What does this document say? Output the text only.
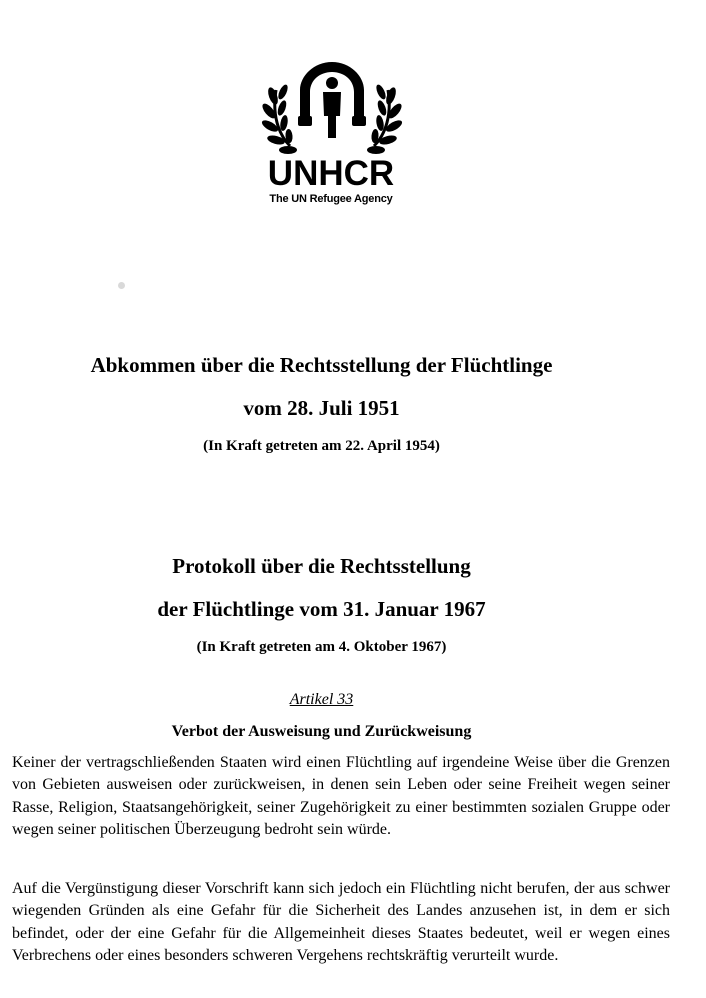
UNHCR
The UN Refugee Agency
Abkommen über die Rechtsstellung der Flüchtlinge
vom 28. Juli 1951
(In Kraft getreten am 22. April 1954)
Protokoll über die Rechtsstellung
der Flüchtlinge vom 31. Januar 1967
(In Kraft getreten am 4. Oktober 1967)
Artikel 33
Verbot der Ausweisung und Zurückweisung

Keiner der vertragschließenden Staaten wird einen Flüchtling auf irgendeine Weise über die Grenzen von Gebieten ausweisen oder zurückweisen, in denen sein Leben oder seine Freiheit wegen seiner Rasse, Religion, Staatsangehörigkeit, seiner Zugehörigkeit zu einer bestimmten sozialen Gruppe oder wegen seiner politischen Überzeugung bedroht sein würde.

Auf die Vergünstigung dieser Vorschrift kann sich jedoch ein Flüchtling nicht berufen, der aus schwer wiegenden Gründen als eine Gefahr für die Sicherheit des Landes anzusehen ist, in dem er sich befindet, oder der eine Gefahr für die Allgemeinheit dieses Staates bedeutet, weil er wegen eines Verbrechens oder eines besonders schweren Vergehens rechtskräftig verurteilt wurde.
